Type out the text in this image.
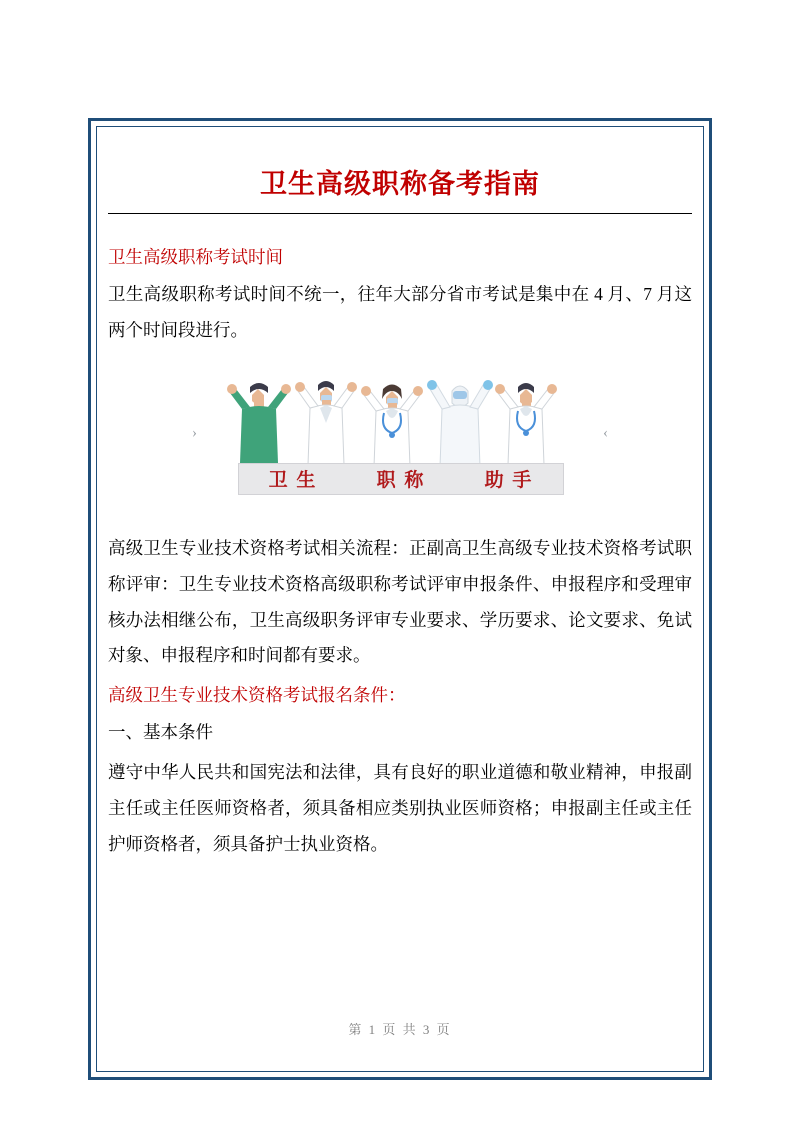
卫生高级职称备考指南
卫生高级职称考试时间

卫生高级职称考试时间不统一，往年大部分省市考试是集中在 4 月、7 月这两个时间段进行。

›	‹
卫 生	职 称	助 手

高级卫生专业技术资格考试相关流程：正副高卫生高级专业技术资格考试职称评审：卫生专业技术资格高级职称考试评审申报条件、申报程序和受理审核办法相继公布，卫生高级职务评审专业要求、学历要求、论文要求、免试对象、申报程序和时间都有要求。

高级卫生专业技术资格考试报名条件：

一、基本条件

遵守中华人民共和国宪法和法律，具有良好的职业道德和敬业精神，申报副主任或主任医师资格者，须具备相应类别执业医师资格；申报副主任或主任护师资格者，须具备护士执业资格。

第 1 页 共 3 页
